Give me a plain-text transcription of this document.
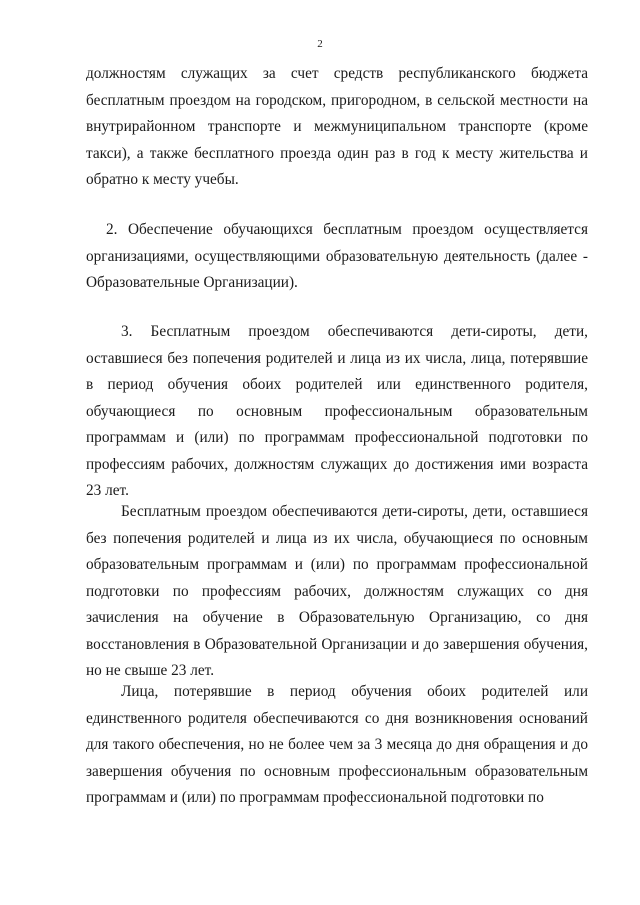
2

должностям служащих за счет средств республиканского бюджета бесплатным проездом на городском, пригородном, в сельской местности на внутрирайонном транспорте и межмуниципальном транспорте (кроме такси), а также бесплатного проезда один раз в год к месту жительства и обратно к месту учебы.

2. Обеспечение обучающихся бесплатным проездом осуществляется организациями, осуществляющими образовательную деятельность (далее - Образовательные Организации).

3. Бесплатным проездом обеспечиваются дети-сироты, дети, оставшиеся без попечения родителей и лица из их числа, лица, потерявшие в период обучения обоих родителей или единственного родителя, обучающиеся по основным профессиональным образовательным программам и (или) по программам профессиональной подготовки по профессиям рабочих, должностям служащих до достижения ими возраста 23 лет.

Бесплатным проездом обеспечиваются дети-сироты, дети, оставшиеся без попечения родителей и лица из их числа, обучающиеся по основным образовательным программам и (или) по программам профессиональной подготовки по профессиям рабочих, должностям служащих со дня зачисления на обучение в Образовательную Организацию, со дня восстановления в Образовательной Организации и до завершения обучения, но не свыше 23 лет.

Лица, потерявшие в период обучения обоих родителей или единственного родителя обеспечиваются со дня возникновения оснований для такого обеспечения, но не более чем за 3 месяца до дня обращения и до завершения обучения по основным профессиональным образовательным программам и (или) по программам профессиональной подготовки по
